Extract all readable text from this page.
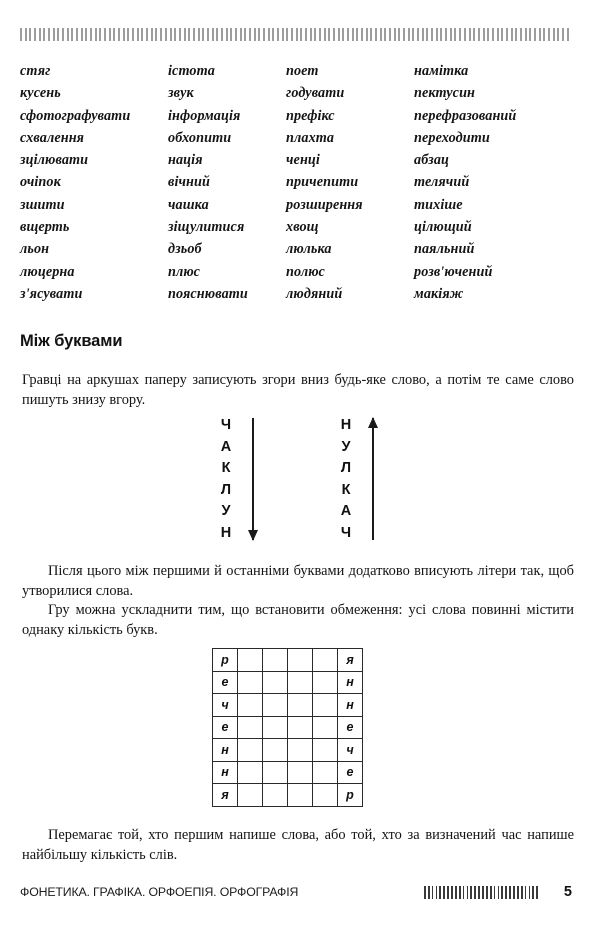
стяг	істота	поет	намітка
кусень	звук	годувати	пектусин
сфотографувати	інформація	префікс	перефразований
схвалення	обхопити	плахта	переходити
зцілювати	нація	ченці	абзац
очіпок	вічний	причепити	телячий
зшити	чашка	розширення	тихіше
вщерть	зіщулитися	хвощ	цілющий
льон	дзьоб	люлька	паяльний
люцерна	плюс	полюс	розв'ючений
з'ясувати	пояснювати	людяний	макіяж
Між буквами
Гравці на аркушах паперу записують згори вниз будь-яке слово, а потім те саме слово пишуть знизу вгору.
Ч
А
К
Л
У
Н
Н
У
Л
К
А
Ч
Після цього між першими й останніми буквами додатково вписують літери так, щоб утворилися слова.
Гру можна ускладнити тим, що встановити обмеження: усі слова повинні містити однаку кількість букв.
р					я
е					н
ч					н
е					е
н					ч
н					е
я					р
Перемагає той, хто першим напише слова, або той, хто за визначений час напише найбільшу кількість слів.
ФОНЕТИКА. ГРАФІКА. ОРФОЕПІЯ. ОРФОГРАФІЯ	5
